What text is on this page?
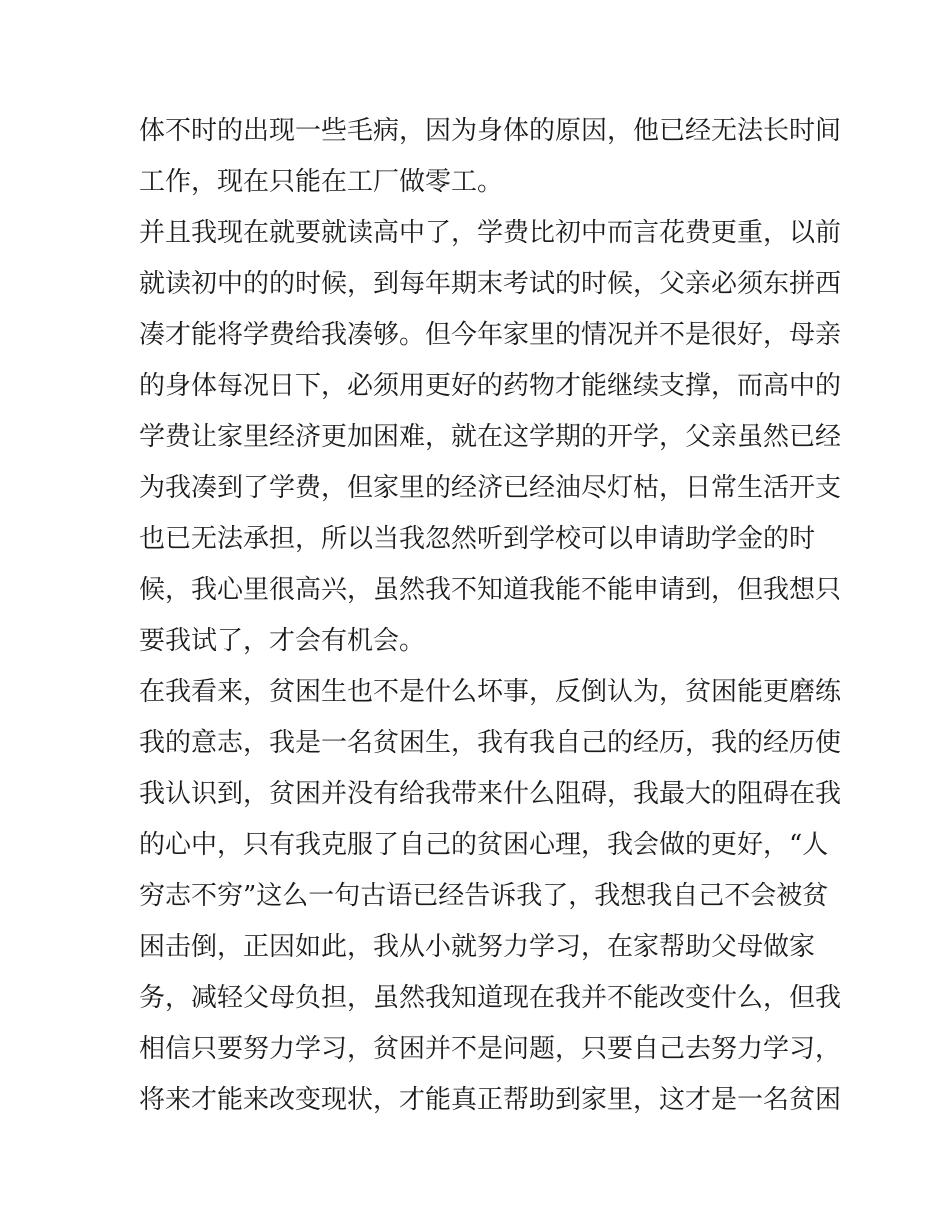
体不时的出现一些毛病，因为身体的原因，他已经无法长时间
工作，现在只能在工厂做零工。
并且我现在就要就读高中了，学费比初中而言花费更重，以前
就读初中的的时候，到每年期末考试的时候，父亲必须东拼西
凑才能将学费给我凑够。但今年家里的情况并不是很好，母亲
的身体每况日下，必须用更好的药物才能继续支撑，而高中的
学费让家里经济更加困难，就在这学期的开学，父亲虽然已经
为我凑到了学费，但家里的经济已经油尽灯枯，日常生活开支
也已无法承担，所以当我忽然听到学校可以申请助学金的时
候，我心里很高兴，虽然我不知道我能不能申请到，但我想只
要我试了，才会有机会。
在我看来，贫困生也不是什么坏事，反倒认为，贫困能更磨练
我的意志，我是一名贫困生，我有我自己的经历，我的经历使
我认识到，贫困并没有给我带来什么阻碍，我最大的阻碍在我
的心中，只有我克服了自己的贫困心理，我会做的更好，“人
穷志不穷”这么一句古语已经告诉我了，我想我自己不会被贫
困击倒，正因如此，我从小就努力学习，在家帮助父母做家
务，减轻父母负担，虽然我知道现在我并不能改变什么，但我
相信只要努力学习，贫困并不是问题，只要自己去努力学习，
将来才能来改变现状，才能真正帮助到家里，这才是一名贫困
